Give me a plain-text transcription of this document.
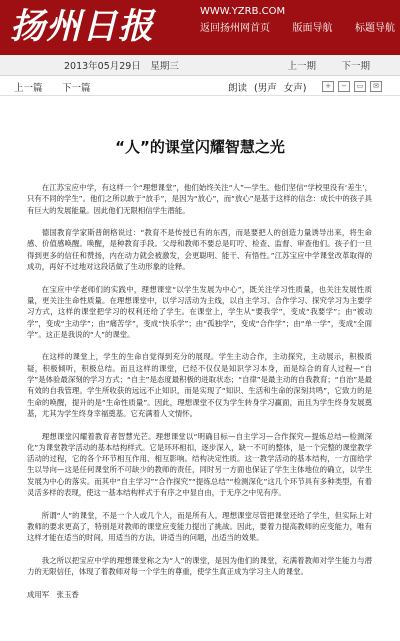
扬州日报	WWW.YZRB.COM
返回扬州网首页 版面导航 标题导航
2013年05月29日　星期三	上一期	下一期
上一篇 下一篇	朗读 (男声 女声)	+	−	▭	✉
“人”的课堂闪耀智慧之光

在江苏宝应中学，有这样一个“理想课堂”，他们始终关注“人”—学生。他们坚信“学校里没有‘差生’，只有不同的学生”。他们之所以敢于“放手”，是因为“放心”，而“放心”是基于这样的信念：成长中的孩子具有巨大的发展能量。因此他们无限相信学生潜能。

德国教育学家斯普朗格说过：“教育不是传授已有的东西，而是要把人的创造力量诱导出来，将生命感、价值感唤醒。唤醒，是种教育手段。父母和教师不要总是叮咛、检查、监督、审查他们。孩子们一旦得到更多的信任和赞扬，内在动力就会被激发，会更聪明、能干、有悟性。”江苏宝应中学课堂改革取得的成功，再好不过地对这段话做了生动形象的诠释。

在宝应中学老师们的实践中，理想课堂“以学生发展为中心”，既关注学习性质量，也关注发展性质量，更关注生命性质量。在理想课堂中，以学习活动为主线，以自主学习、合作学习、探究学习为主要学习方式，这样的课堂把学习的权利还给了学生。在课堂上，学生从“要我学”，变成“我要学”；由“被动学”，变成“主动学”；由“痛苦学”，变成“快乐学”；由“孤独学”，变成“合作学”；由“单一学”，变成“全面学”。这正是我说的“人”的课堂。

在这样的课堂上，学生的生命自觉得到充分的展现。学生主动合作，主动探究，主动展示，积极质疑，积极倾听，积极总结。而且这样的课堂，已经不仅仅是知识学习本身，而是综合的育人过程—“自学”是体验最深刻的学习方式；“自主”是态度最积极的进取状态；“自律”是最主动的自我教育；“自治”是最有效的自我管理。学生所收获的远远不止知识，而是实现了“知识、生活和生命的深刻共鸣”，它致力的是生命的唤醒，提升的是“生命性质量”。因此，理想课堂不仅为学生转身学习赢面，而且为学生终身发展奠基，尤其为学生终身幸福奠基。它充满着人文情怀。

理想课堂闪耀着教育者智慧光芒。理想课堂以“明确目标—自主学习—合作探究—提炼总结—检测深化”为课堂教学活动的基本结构样式。它是环环相扣，逐步深入，缺一不可的整体，是一个完整的课堂教学活动的过程，它的各个环节相互作用、相互影响。结构决定性质。这一教学活动的基本结构，一方面给学生以导向—这是任何课堂所不可缺少的教师的责任，同时另一方面也保证了学生主体地位的确立，以学生发展为中心的落实。而其中“自主学习”“合作探究”“提炼总结”“检测深化”这几个环节具有多种类型，有着灵活多样的表现，使这一基本结构样式于有序之中显自由，于无序之中见有序。

所谓“人”的课堂，不是一个人或几个人，而是所有人。理想课堂尽管把课堂还给了学生，但实际上对教师的要求更高了，特别是对教师的课堂应变能力提出了挑战。因此，要着力提高教师的应变能力，唯有这样才能在适当的时间，用适当的方法，讲适当的问题，出适当的效果。

我之所以把宝应中学的理想课堂称之为“人”的课堂，是因为他们的课堂，充满着教师对学生能力与潜力的无限信任，体现了着教师对每一个学生的尊重，使学生真正成为学习主人的课堂。

成用军　张玉香
